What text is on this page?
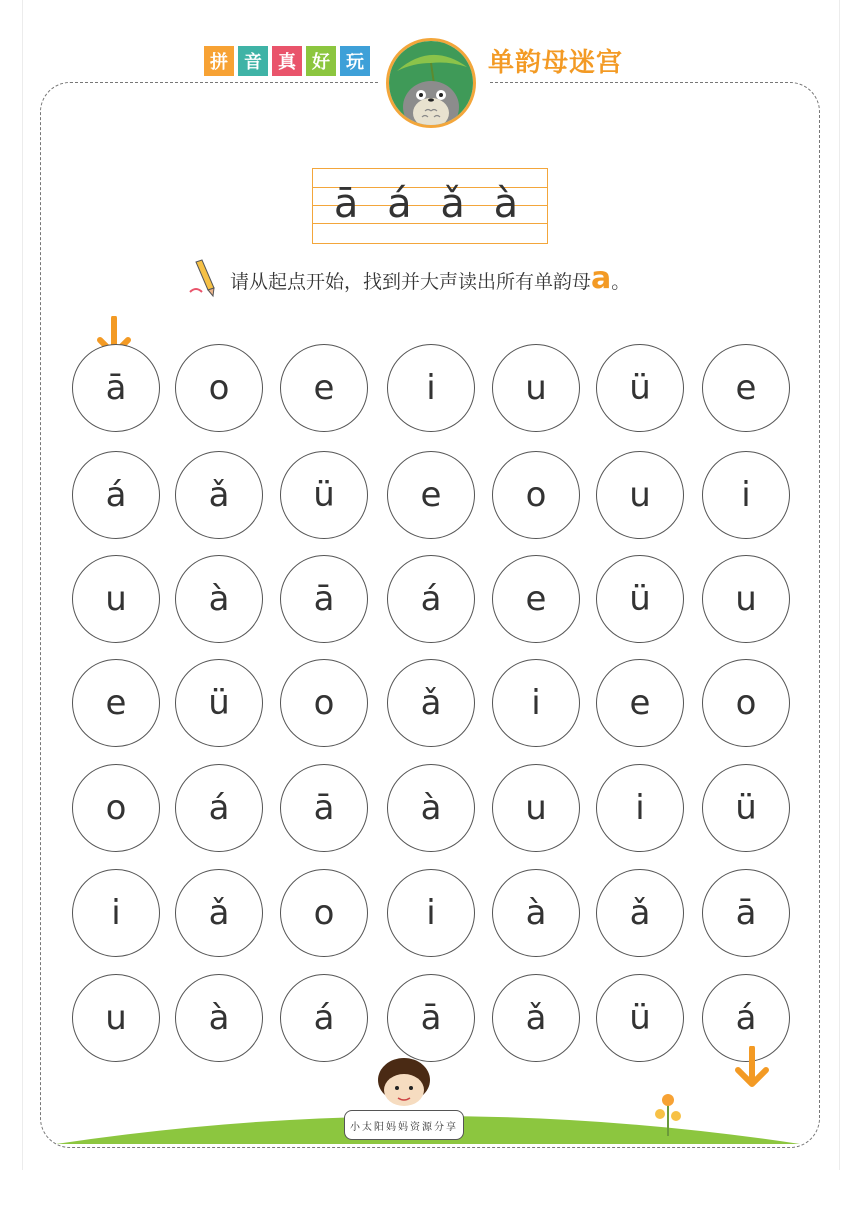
拼 音 真 好 玩	单韵母迷宫
ā á ǎ à
请从起点开始，找到并大声读出所有单韵母a。
ā	o	e	i	u	ü	e
á	ǎ	ü	e	o	u	i
u	à	ā	á	e	ü	u
e	ü	o	ǎ	i	e	o
o	á	ā	à	u	i	ü
i	ǎ	o	i	à	ǎ	ā
u	à	á	ā	ǎ	ü	á
小太阳妈妈资源分享
